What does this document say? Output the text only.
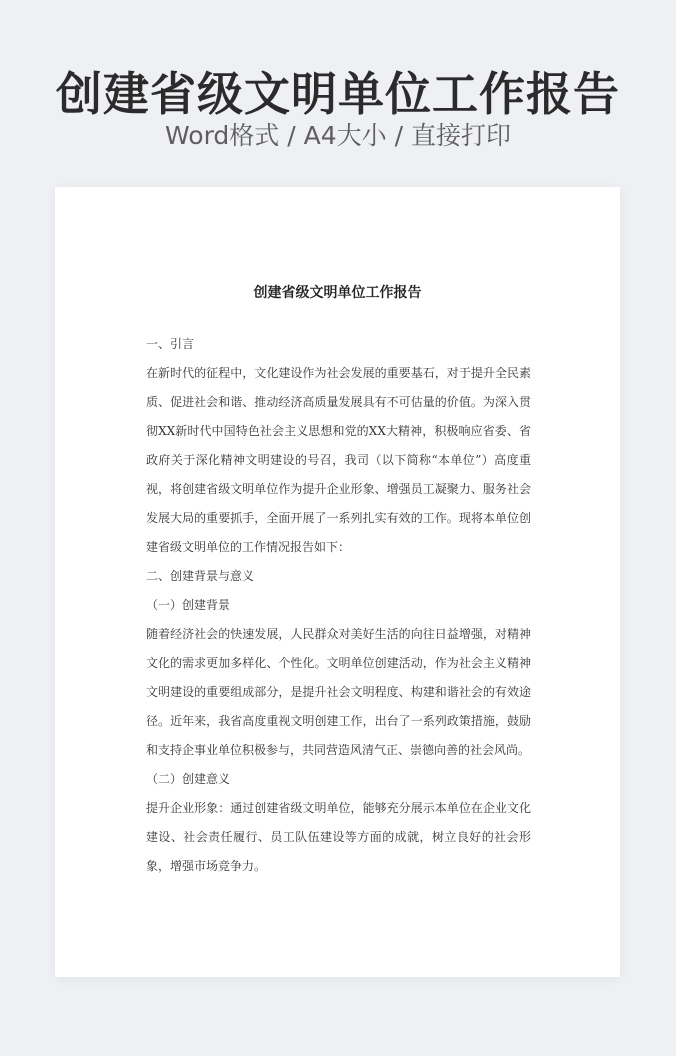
创建省级文明单位工作报告
Word格式 / A4大小 / 直接打印
创建省级文明单位工作报告

一、引言

在新时代的征程中，文化建设作为社会发展的重要基石，对于提升全民素质、促进社会和谐、推动经济高质量发展具有不可估量的价值。为深入贯彻XX新时代中国特色社会主义思想和党的XX大精神，积极响应省委、省政府关于深化精神文明建设的号召，我司（以下简称“本单位”）高度重视，将创建省级文明单位作为提升企业形象、增强员工凝聚力、服务社会发展大局的重要抓手，全面开展了一系列扎实有效的工作。现将本单位创建省级文明单位的工作情况报告如下：

二、创建背景与意义

（一）创建背景

随着经济社会的快速发展，人民群众对美好生活的向往日益增强，对精神文化的需求更加多样化、个性化。文明单位创建活动，作为社会主义精神文明建设的重要组成部分，是提升社会文明程度、构建和谐社会的有效途径。近年来，我省高度重视文明创建工作，出台了一系列政策措施，鼓励和支持企事业单位积极参与，共同营造风清气正、崇德向善的社会风尚。

（二）创建意义

提升企业形象：通过创建省级文明单位，能够充分展示本单位在企业文化建设、社会责任履行、员工队伍建设等方面的成就，树立良好的社会形象，增强市场竞争力。
